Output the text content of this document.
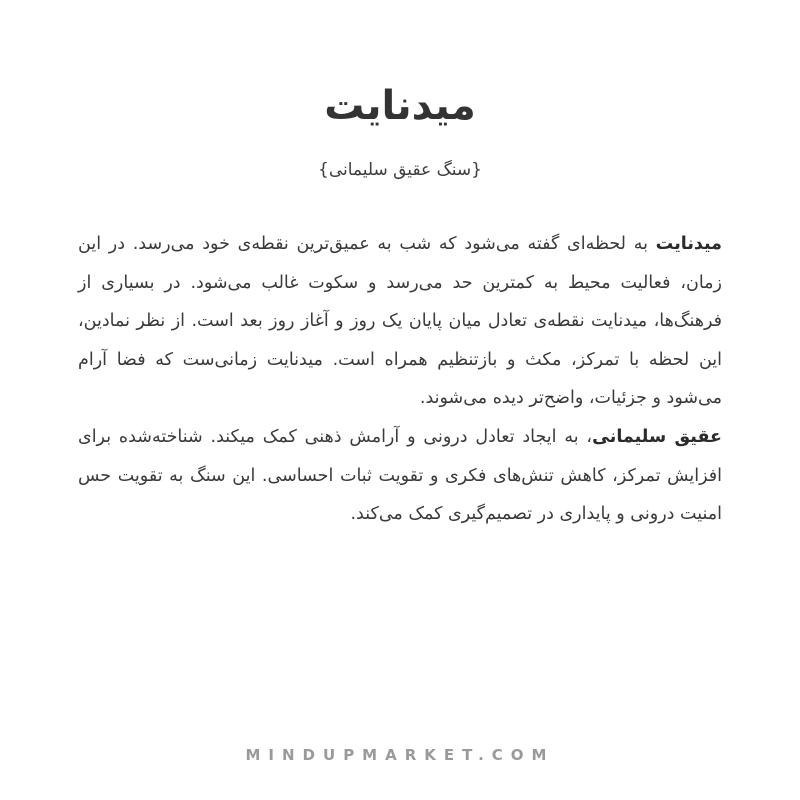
میدنایت
{سنگ عقیق سلیمانی}

میدنایت به لحظه‌ای گفته می‌شود که شب به عمیق‌ترین نقطه‌ی خود می‌رسد. در این زمان، فعالیت محیط به کمترین حد می‌رسد و سکوت غالب می‌شود. در بسیاری از فرهنگ‌ها، میدنایت نقطه‌ی تعادل میان پایان یک روز و آغاز روز بعد است. از نظر نمادین، این لحظه با تمرکز، مکث و بازتنظیم همراه است. میدنایت زمانی‌ست که فضا آرام می‌شود و جزئیات، واضح‌تر دیده می‌شوند.

عقیق سلیمانی، به ایجاد تعادل درونی و آرامش ذهنی کمک میکند. شناخته‌شده برای افزایش تمرکز، کاهش تنش‌های فکری و تقویت ثبات احساسی. این سنگ به تقویت حس امنیت درونی و پایداری در تصمیم‌گیری کمک می‌کند.

MINDUPMARKET.COM
